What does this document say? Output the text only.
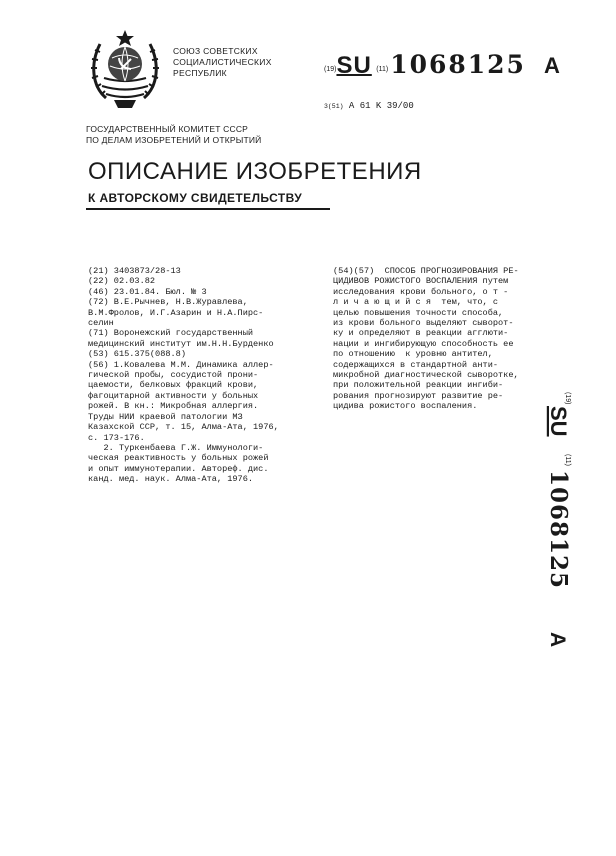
СОЮЗ СОВЕТСКИХ
СОЦИАЛИСТИЧЕСКИХ
РЕСПУБЛИК	(19)SU (11)1068125 A
3(51) A 61 K 39/00
ГОСУДАРСТВЕННЫЙ КОМИТЕТ СССР
ПО ДЕЛАМ ИЗОБРЕТЕНИЙ И ОТКРЫТИЙ
ОПИСАНИЕ ИЗОБРЕТЕНИЯ
К АВТОРСКОМУ СВИДЕТЕЛЬСТВУ
(21) 3403873/28-13
(22) 02.03.82
(46) 23.01.84. Бюл. № 3
(72) В.Е.Рычнев, Н.В.Журавлева,
В.М.Фролов, И.Г.Азарин и Н.А.Пирс-
селин
(71) Воронежский государственный
медицинский институт им.Н.Н.Бурденко
(53) 615.375(088.8)
(56) 1.Ковалева М.М. Динамика аллер-
гической пробы, сосудистой прони-
цаемости, белковых фракций крови,
фагоцитарной активности у больных
рожей. В кн.: Микробная аллергия.
Труды НИИ краевой патологии МЗ
Казахской ССР, т. 15, Алма-Ата, 1976,
с. 173-176.
2. Туркенбаева Г.Ж. Иммунологи-
ческая реактивность у больных рожей
и опыт иммунотерапии. Автореф. дис.
канд. мед. наук. Алма-Ата, 1976.
(54)(57)  СПОСОБ ПРОГНОЗИРОВАНИЯ РЕ-
ЦИДИВОВ РОЖИСТОГО ВОСПАЛЕНИЯ путем
исследования крови больного, о т -
л и ч а ю щ и й с я  тем, что, с
целью повышения точности способа,
из крови больного выделяют сыворот-
ку и определяют в реакции агглюти-
нации и ингибирующую способность ее
по отношению  к уровню антител,
содержащихся в стандартной анти-
микробной диагностической сыворотке,
при положительной реакции ингиби-
рования прогнозируют развитие ре-
цидива рожистого воспаления.
(19)
SU
(11)
1068125
A
